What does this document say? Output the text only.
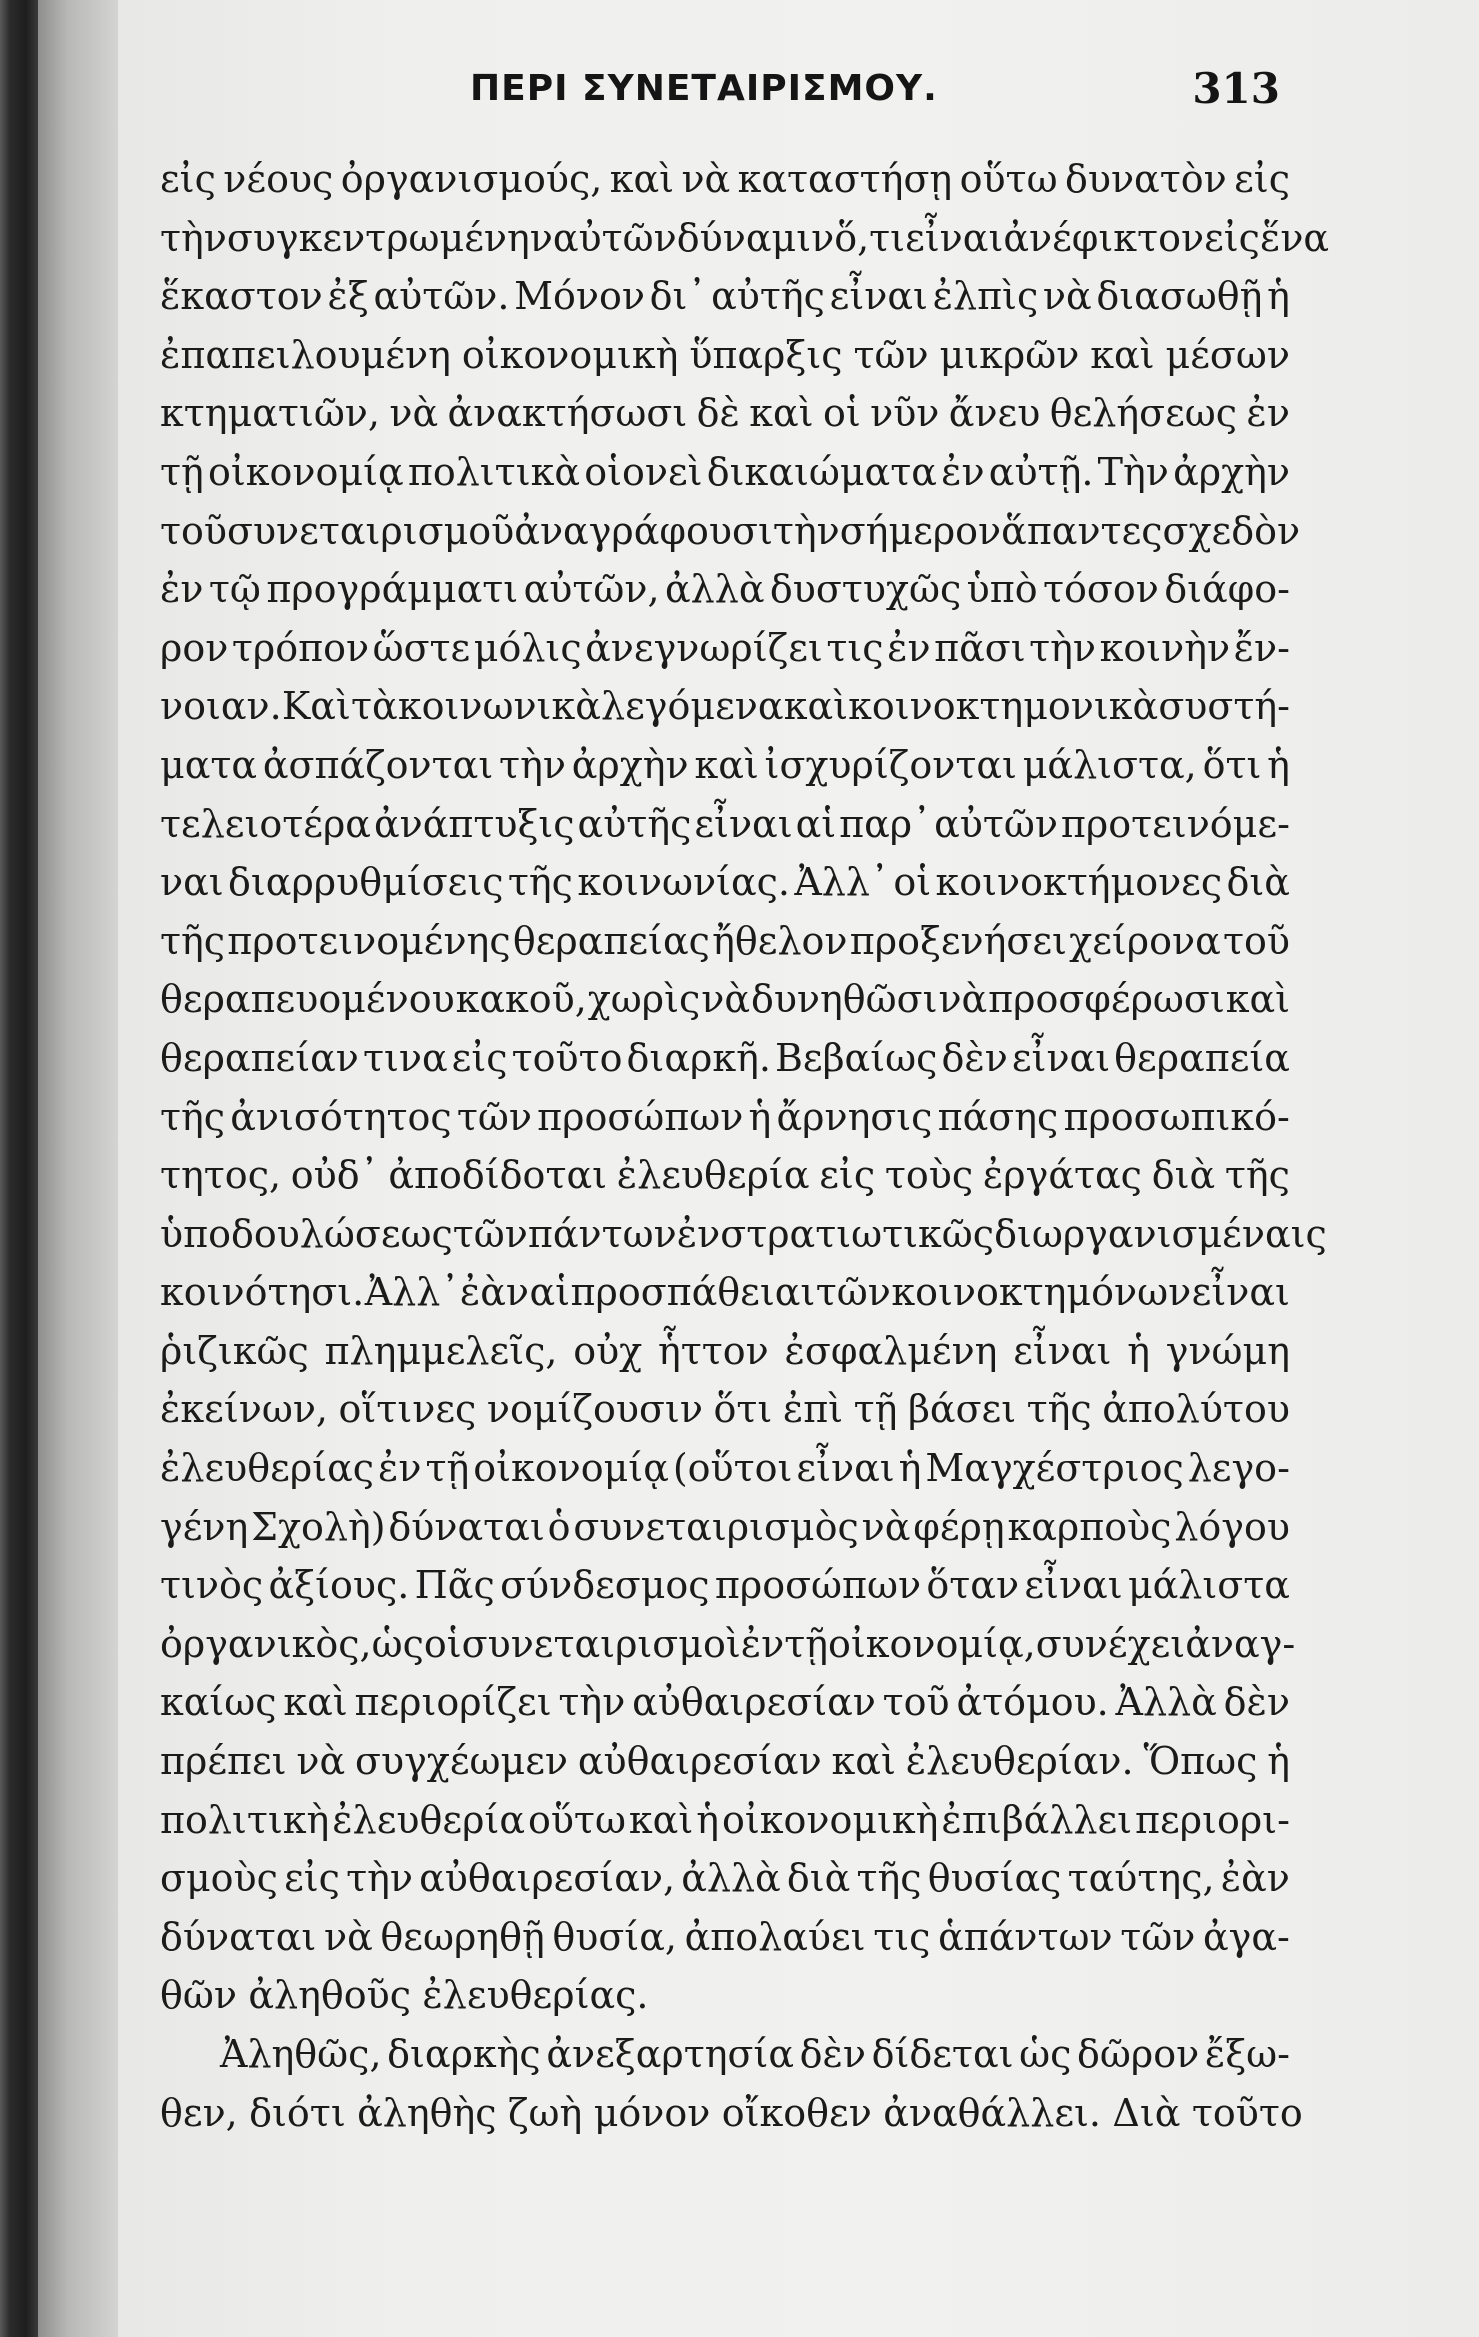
ΠΕΡΙ ΣΥΝΕΤΑΙΡΙΣΜΟΥ.	313
εἰς νέους ὀργανισμούς, καὶ νὰ καταστήσῃ οὕτω δυνατὸν εἰς
τὴν συγκεντρωμένην αὐτῶν δύναμιν ὅ,τι εἶναι ἀνέφικτον εἰς ἕνα
ἕκαστον ἐξ αὐτῶν. Μόνον δι᾽ αὐτῆς εἶναι ἐλπὶς νὰ διασωθῇ ἡ
ἐπαπειλουμένη οἰκονομικὴ ὕπαρξις τῶν μικρῶν καὶ μέσων
κτηματιῶν, νὰ ἀνακτήσωσι δὲ καὶ οἱ νῦν ἄνευ θελήσεως ἐν
τῇ οἰκονομίᾳ πολιτικὰ οἱονεὶ δικαιώματα ἐν αὐτῇ. Τὴν ἀρχὴν
τοῦ συνεταιρισμοῦ ἀναγράφουσι τὴν σήμερον ἅπαντες σχεδὸν
ἐν τῷ προγράμματι αὐτῶν, ἀλλὰ δυστυχῶς ὑπὸ τόσον διάφο-
ρον τρόπον ὥστε μόλις ἀνεγνωρίζει τις ἐν πᾶσι τὴν κοινὴν ἔν-
νοιαν. Καὶ τὰ κοινωνικὰ λεγόμενα καὶ κοινοκτημονικὰ συστή-
ματα ἀσπάζονται τὴν ἀρχὴν καὶ ἰσχυρίζονται μάλιστα, ὅτι ἡ
τελειοτέρα ἀνάπτυξις αὐτῆς εἶναι αἱ παρ᾽ αὐτῶν προτεινόμε-
ναι διαρρυθμίσεις τῆς κοινωνίας. Ἀλλ᾽ οἱ κοινοκτήμονες διὰ
τῆς προτεινομένης θεραπείας ἤθελον προξενήσει χείρονα τοῦ
θεραπευομένου κακοῦ, χωρὶς νὰ δυνηθῶσι νὰ προσφέρωσι καὶ
θεραπείαν τινα εἰς τοῦτο διαρκῆ. Βεβαίως δὲν εἶναι θεραπεία
τῆς ἀνισότητος τῶν προσώπων ἡ ἄρνησις πάσης προσωπικό-
τητος, οὐδ᾽ ἀποδίδοται ἐλευθερία εἰς τοὺς ἐργάτας διὰ τῆς
ὑποδουλώσεως τῶν πάντων ἐν στρατιωτικῶς διωργανισμέναις
κοινότησι. Ἀλλ᾽ ἐὰν αἱ προσπάθειαι τῶν κοινοκτημόνων εἶναι
ῥιζικῶς πλημμελεῖς, οὐχ ἧττον ἐσφαλμένη εἶναι ἡ γνώμη
ἐκείνων, οἵτινες νομίζουσιν ὅτι ἐπὶ τῇ βάσει τῆς ἀπολύτου
ἐλευθερίας ἐν τῇ οἰκονομίᾳ (οὕτοι εἶναι ἡ Μαγχέστριος λεγο-
γένη Σχολὴ) δύναται ὁ συνεταιρισμὸς νὰ φέρῃ καρποὺς λόγου
τινὸς ἀξίους. Πᾶς σύνδεσμος προσώπων ὅταν εἶναι μάλιστα
ὀργανικὸς, ὡς οἱ συνεταιρισμοὶ ἐν τῇ οἰκονομίᾳ, συνέχει ἀναγ-
καίως καὶ περιορίζει τὴν αὐθαιρεσίαν τοῦ ἀτόμου. Ἀλλὰ δὲν
πρέπει νὰ συγχέωμεν αὐθαιρεσίαν καὶ ἐλευθερίαν. Ὅπως ἡ
πολιτικὴ ἐλευθερία οὕτω καὶ ἡ οἰκονομικὴ ἐπιβάλλει περιορι-
σμοὺς εἰς τὴν αὐθαιρεσίαν, ἀλλὰ διὰ τῆς θυσίας ταύτης, ἐὰν
δύναται νὰ θεωρηθῇ θυσία, ἀπολαύει τις ἁπάντων τῶν ἀγα-
θῶν ἀληθοῦς ἐλευθερίας.
Ἀληθῶς, διαρκὴς ἀνεξαρτησία δὲν δίδεται ὡς δῶρον ἔξω-
θεν, διότι ἀληθὴς ζωὴ μόνον οἴκοθεν ἀναθάλλει. Διὰ τοῦτο
